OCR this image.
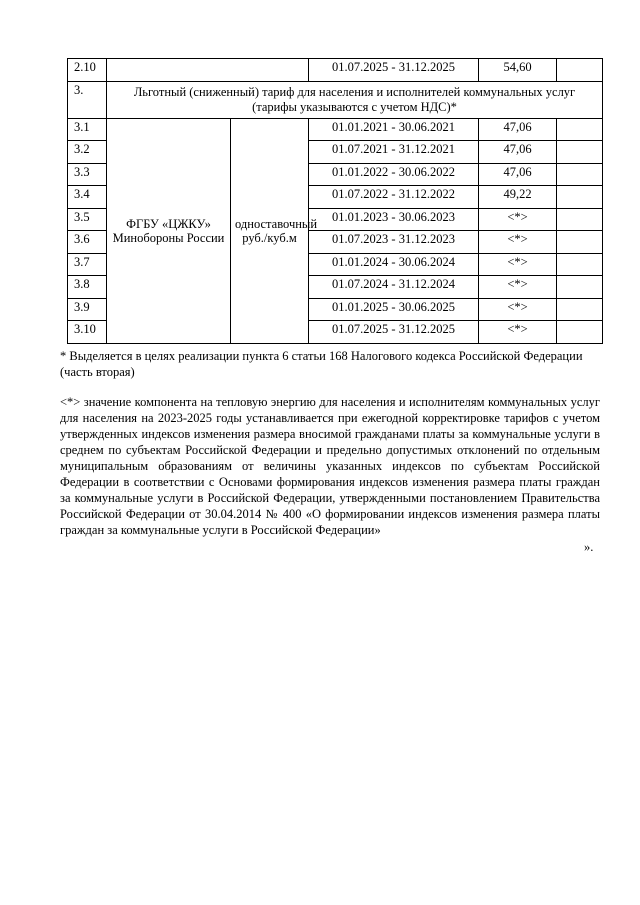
2.10			01.07.2025 - 31.12.2025	54,60	
3.	Льготный (сниженный) тариф для населения и исполнителей коммунальных услуг (тарифы указываются с учетом НДС)*				
3.1	ФГБУ «ЦЖКУ» Минобороны России	одноставочный руб./куб.м	01.01.2021 - 30.06.2021	47,06	
3.2			01.07.2021 - 31.12.2021	47,06	
3.3			01.01.2022 - 30.06.2022	47,06	
3.4			01.07.2022 - 31.12.2022	49,22	
3.5			01.01.2023 - 30.06.2023	<*>	
3.6			01.07.2023 - 31.12.2023	<*>	
3.7			01.01.2024 - 30.06.2024	<*>	
3.8			01.07.2024 - 31.12.2024	<*>	
3.9			01.01.2025 - 30.06.2025	<*>	
3.10			01.07.2025 - 31.12.2025	<*>	
* Выделяется в целях реализации пункта 6 статьи 168 Налогового кодекса Российской Федерации (часть вторая)
<*> значение компонента на тепловую энергию для населения и исполнителям коммунальных услуг для населения на 2023-2025 годы устанавливается при ежегодной корректировке тарифов с учетом утвержденных индексов изменения размера вносимой гражданами платы за коммунальные услуги в среднем по субъектам Российской Федерации и предельно допустимых отклонений по отдельным муниципальным образованиям от величины указанных индексов по субъектам Российской Федерации в соответствии с Основами формирования индексов изменения размера платы граждан за коммунальные услуги в Российской Федерации, утвержденными постановлением Правительства Российской Федерации от 30.04.2014 № 400 «О формировании индексов изменения размера платы граждан за коммунальные услуги в Российской Федерации»
».
